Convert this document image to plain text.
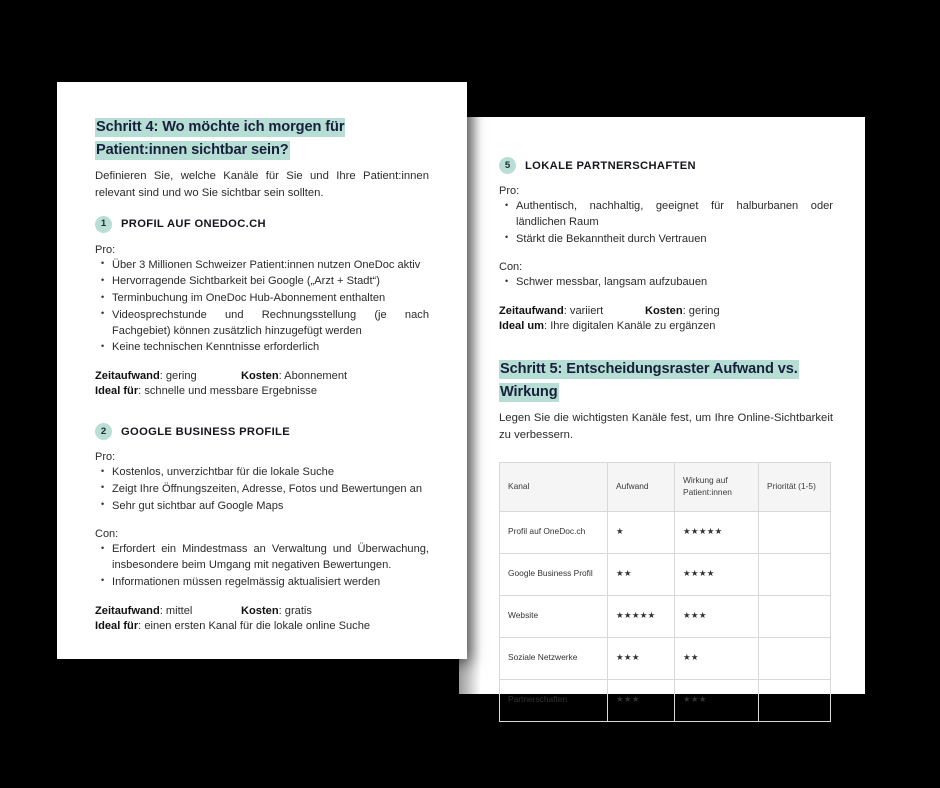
5	LOKALE PARTNERSCHAFTEN
Pro:
• Authentisch, nachhaltig, geeignet für halburbanen oder ländlichen Raum
• Stärkt die Bekanntheit durch Vertrauen
Con:
• Schwer messbar, langsam aufzubauen
Zeitaufwand: variiert	Kosten: gering
Ideal um: Ihre digitalen Kanäle zu ergänzen
Schritt 5: Entscheidungsraster Aufwand vs. Wirkung

Legen Sie die wichtigsten Kanäle fest, um Ihre Online-Sichtbarkeit zu verbessern.

Kanal	Aufwand	Wirkung auf Patient:innen	Priorität (1-5)
Profil auf OneDoc.ch	★	★★★★★	
Google Business Profil	★★	★★★★	
Website	★★★★★	★★★	
Soziale Netzwerke	★★★	★★	
Partnerschaften	★★★	★★★	
Schritt 4: Wo möchte ich morgen für Patient:innen sichtbar sein?

Definieren Sie, welche Kanäle für Sie und Ihre Patient:innen relevant sind und wo Sie sichtbar sein sollten.

1	PROFIL AUF ONEDOC.CH
Pro:
• Über 3 Millionen Schweizer Patient:innen nutzen OneDoc aktiv
• Hervorragende Sichtbarkeit bei Google („Arzt + Stadt“)
• Terminbuchung im OneDoc Hub-Abonnement enthalten
• Videosprechstunde und Rechnungsstellung (je nach Fachgebiet) können zusätzlich hinzugefügt werden
• Keine technischen Kenntnisse erforderlich
Zeitaufwand: gering	Kosten: Abonnement
Ideal für: schnelle und messbare Ergebnisse
2	GOOGLE BUSINESS PROFILE
Pro:
• Kostenlos, unverzichtbar für die lokale Suche
• Zeigt Ihre Öffnungszeiten, Adresse, Fotos und Bewertungen an
• Sehr gut sichtbar auf Google Maps
Con:
• Erfordert ein Mindestmass an Verwaltung und Überwachung, insbesondere beim Umgang mit negativen Bewertungen.
• Informationen müssen regelmässig aktualisiert werden
Zeitaufwand: mittel	Kosten: gratis
Ideal für: einen ersten Kanal für die lokale online Suche
